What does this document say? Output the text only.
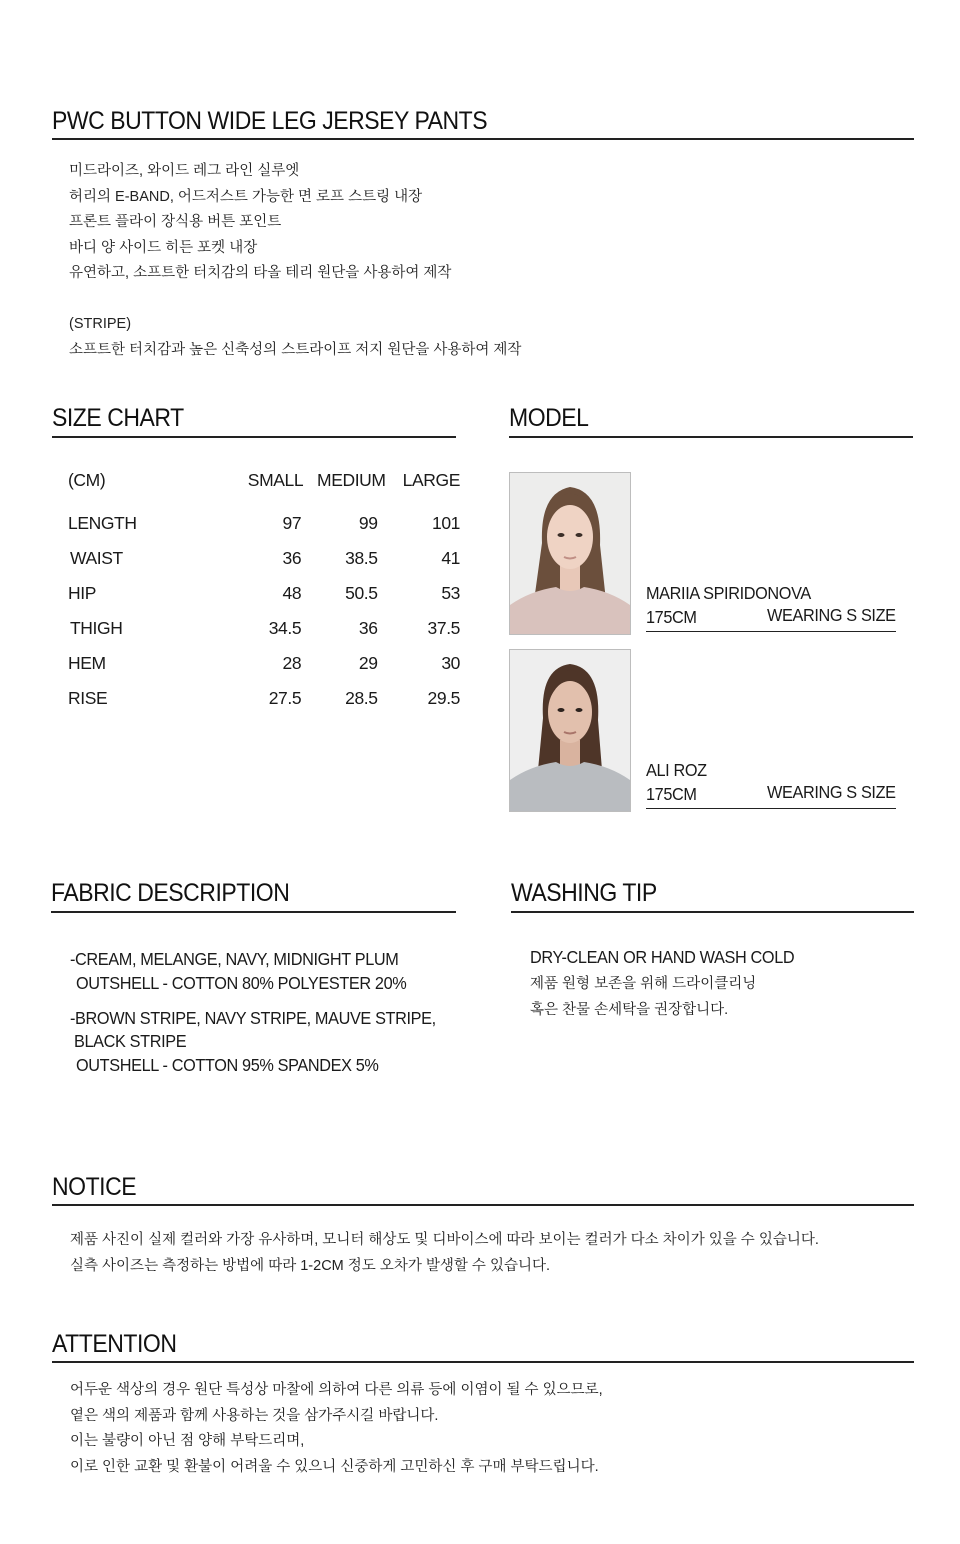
PWC BUTTON WIDE LEG JERSEY PANTS
미드라이즈, 와이드 레그 라인 실루엣
허리의 E-BAND, 어드저스트 가능한 면 로프 스트링 내장
프론트 플라이 장식용 버튼 포인트
바디 양 사이드 히든 포켓 내장
유연하고, 소프트한 터치감의 타올 테리 원단을 사용하여 제작
(STRIPE)
소프트한 터치감과 높은 신축성의 스트라이프 저지 원단을 사용하여 제작
SIZE CHART
(CM)	SMALL	MEDIUM	LARGE
LENGTH	97	99	101
WAIST	36	38.5	41
HIP	48	50.5	53
THIGH	34.5	36	37.5
HEM	28	29	30
RISE	27.5	28.5	29.5
MODEL
MARIIA SPIRIDONOVA
175CM	WEARING S SIZE
ALI ROZ
175CM	WEARING S SIZE
FABRIC DESCRIPTION
-CREAM, MELANGE, NAVY, MIDNIGHT PLUM
OUTSHELL - COTTON 80% POLYESTER 20%
-BROWN STRIPE, NAVY STRIPE, MAUVE STRIPE,
BLACK STRIPE
OUTSHELL - COTTON 95% SPANDEX 5%
WASHING TIP
DRY-CLEAN OR HAND WASH COLD
제품 원형 보존을 위해 드라이클리닝
혹은 찬물 손세탁을 권장합니다.
NOTICE
제품 사진이 실제 컬러와 가장 유사하며, 모니터 해상도 및 디바이스에 따라 보이는 컬러가 다소 차이가 있을 수 있습니다.
실측 사이즈는 측정하는 방법에 따라 1-2CM 정도 오차가 발생할 수 있습니다.
ATTENTION
어두운 색상의 경우 원단 특성상 마찰에 의하여 다른 의류 등에 이염이 될 수 있으므로,
옅은 색의 제품과 함께 사용하는 것을 삼가주시길 바랍니다.
이는 불량이 아닌 점 양해 부탁드리며,
이로 인한 교환 및 환불이 어려울 수 있으니 신중하게 고민하신 후 구매 부탁드립니다.
